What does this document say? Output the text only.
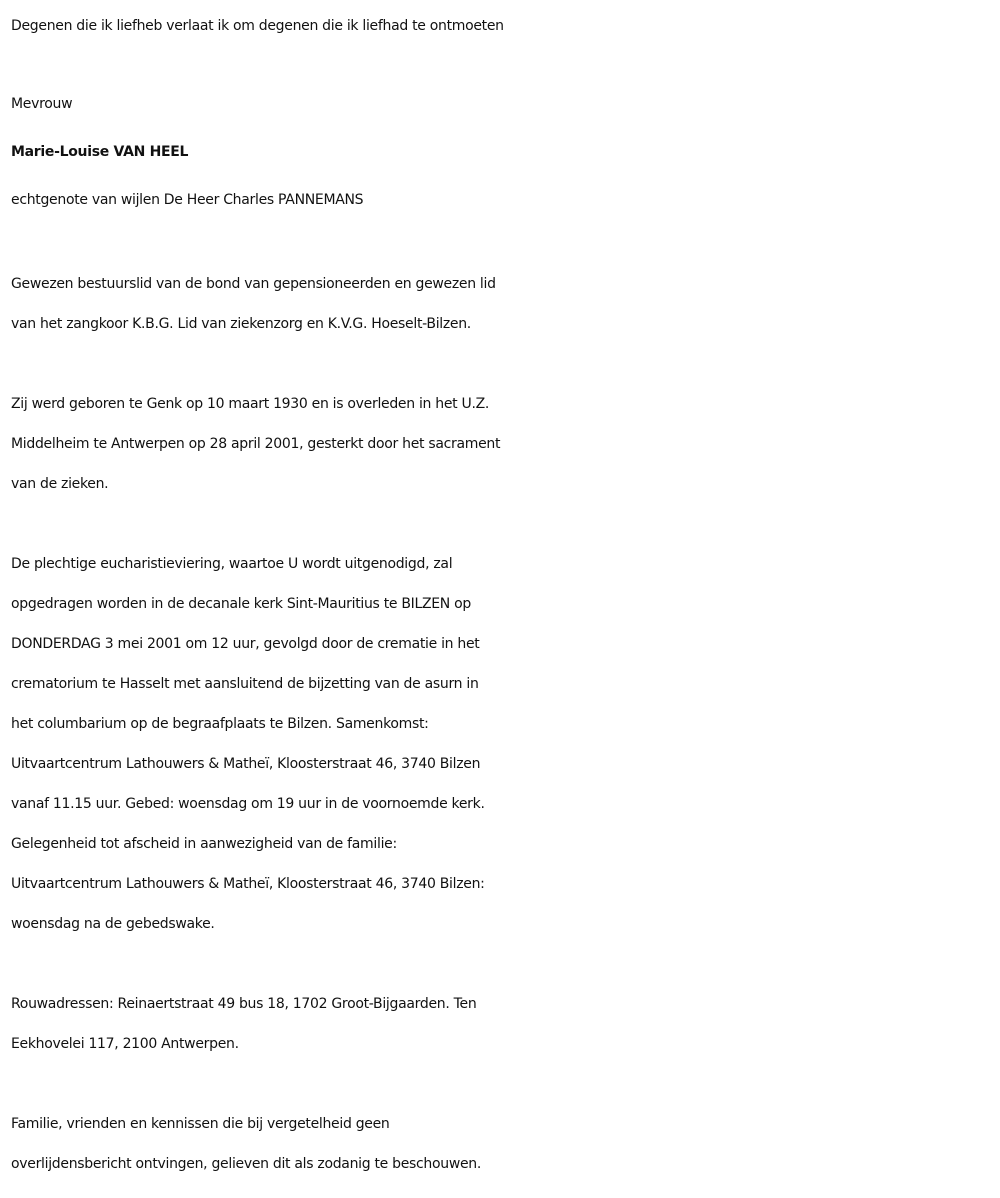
Degenen die ik liefheb verlaat ik om degenen die ik liefhad te ontmoeten
Mevrouw
Marie-Louise VAN HEEL
echtgenote van wijlen De Heer Charles PANNEMANS
Gewezen bestuurslid van de bond van gepensioneerden en gewezen lid
van het zangkoor K.B.G. Lid van ziekenzorg en K.V.G. Hoeselt-Bilzen.
Zij werd geboren te Genk op 10 maart 1930 en is overleden in het U.Z.
Middelheim te Antwerpen op 28 april 2001, gesterkt door het sacrament
van de zieken.
De plechtige eucharistieviering, waartoe U wordt uitgenodigd, zal
opgedragen worden in de decanale kerk Sint-Mauritius te BILZEN op
DONDERDAG 3 mei 2001 om 12 uur, gevolgd door de crematie in het
crematorium te Hasselt met aansluitend de bijzetting van de asurn in
het columbarium op de begraafplaats te Bilzen. Samenkomst:
Uitvaartcentrum Lathouwers & Matheï, Kloosterstraat 46, 3740 Bilzen
vanaf 11.15 uur. Gebed: woensdag om 19 uur in de voornoemde kerk.
Gelegenheid tot afscheid in aanwezigheid van de familie:
Uitvaartcentrum Lathouwers & Matheï, Kloosterstraat 46, 3740 Bilzen:
woensdag na de gebedswake.
Rouwadressen: Reinaertstraat 49 bus 18, 1702 Groot-Bijgaarden. Ten
Eekhovelei 117, 2100 Antwerpen.
Familie, vrienden en kennissen die bij vergetelheid geen
overlijdensbericht ontvingen, gelieven dit als zodanig te beschouwen.
